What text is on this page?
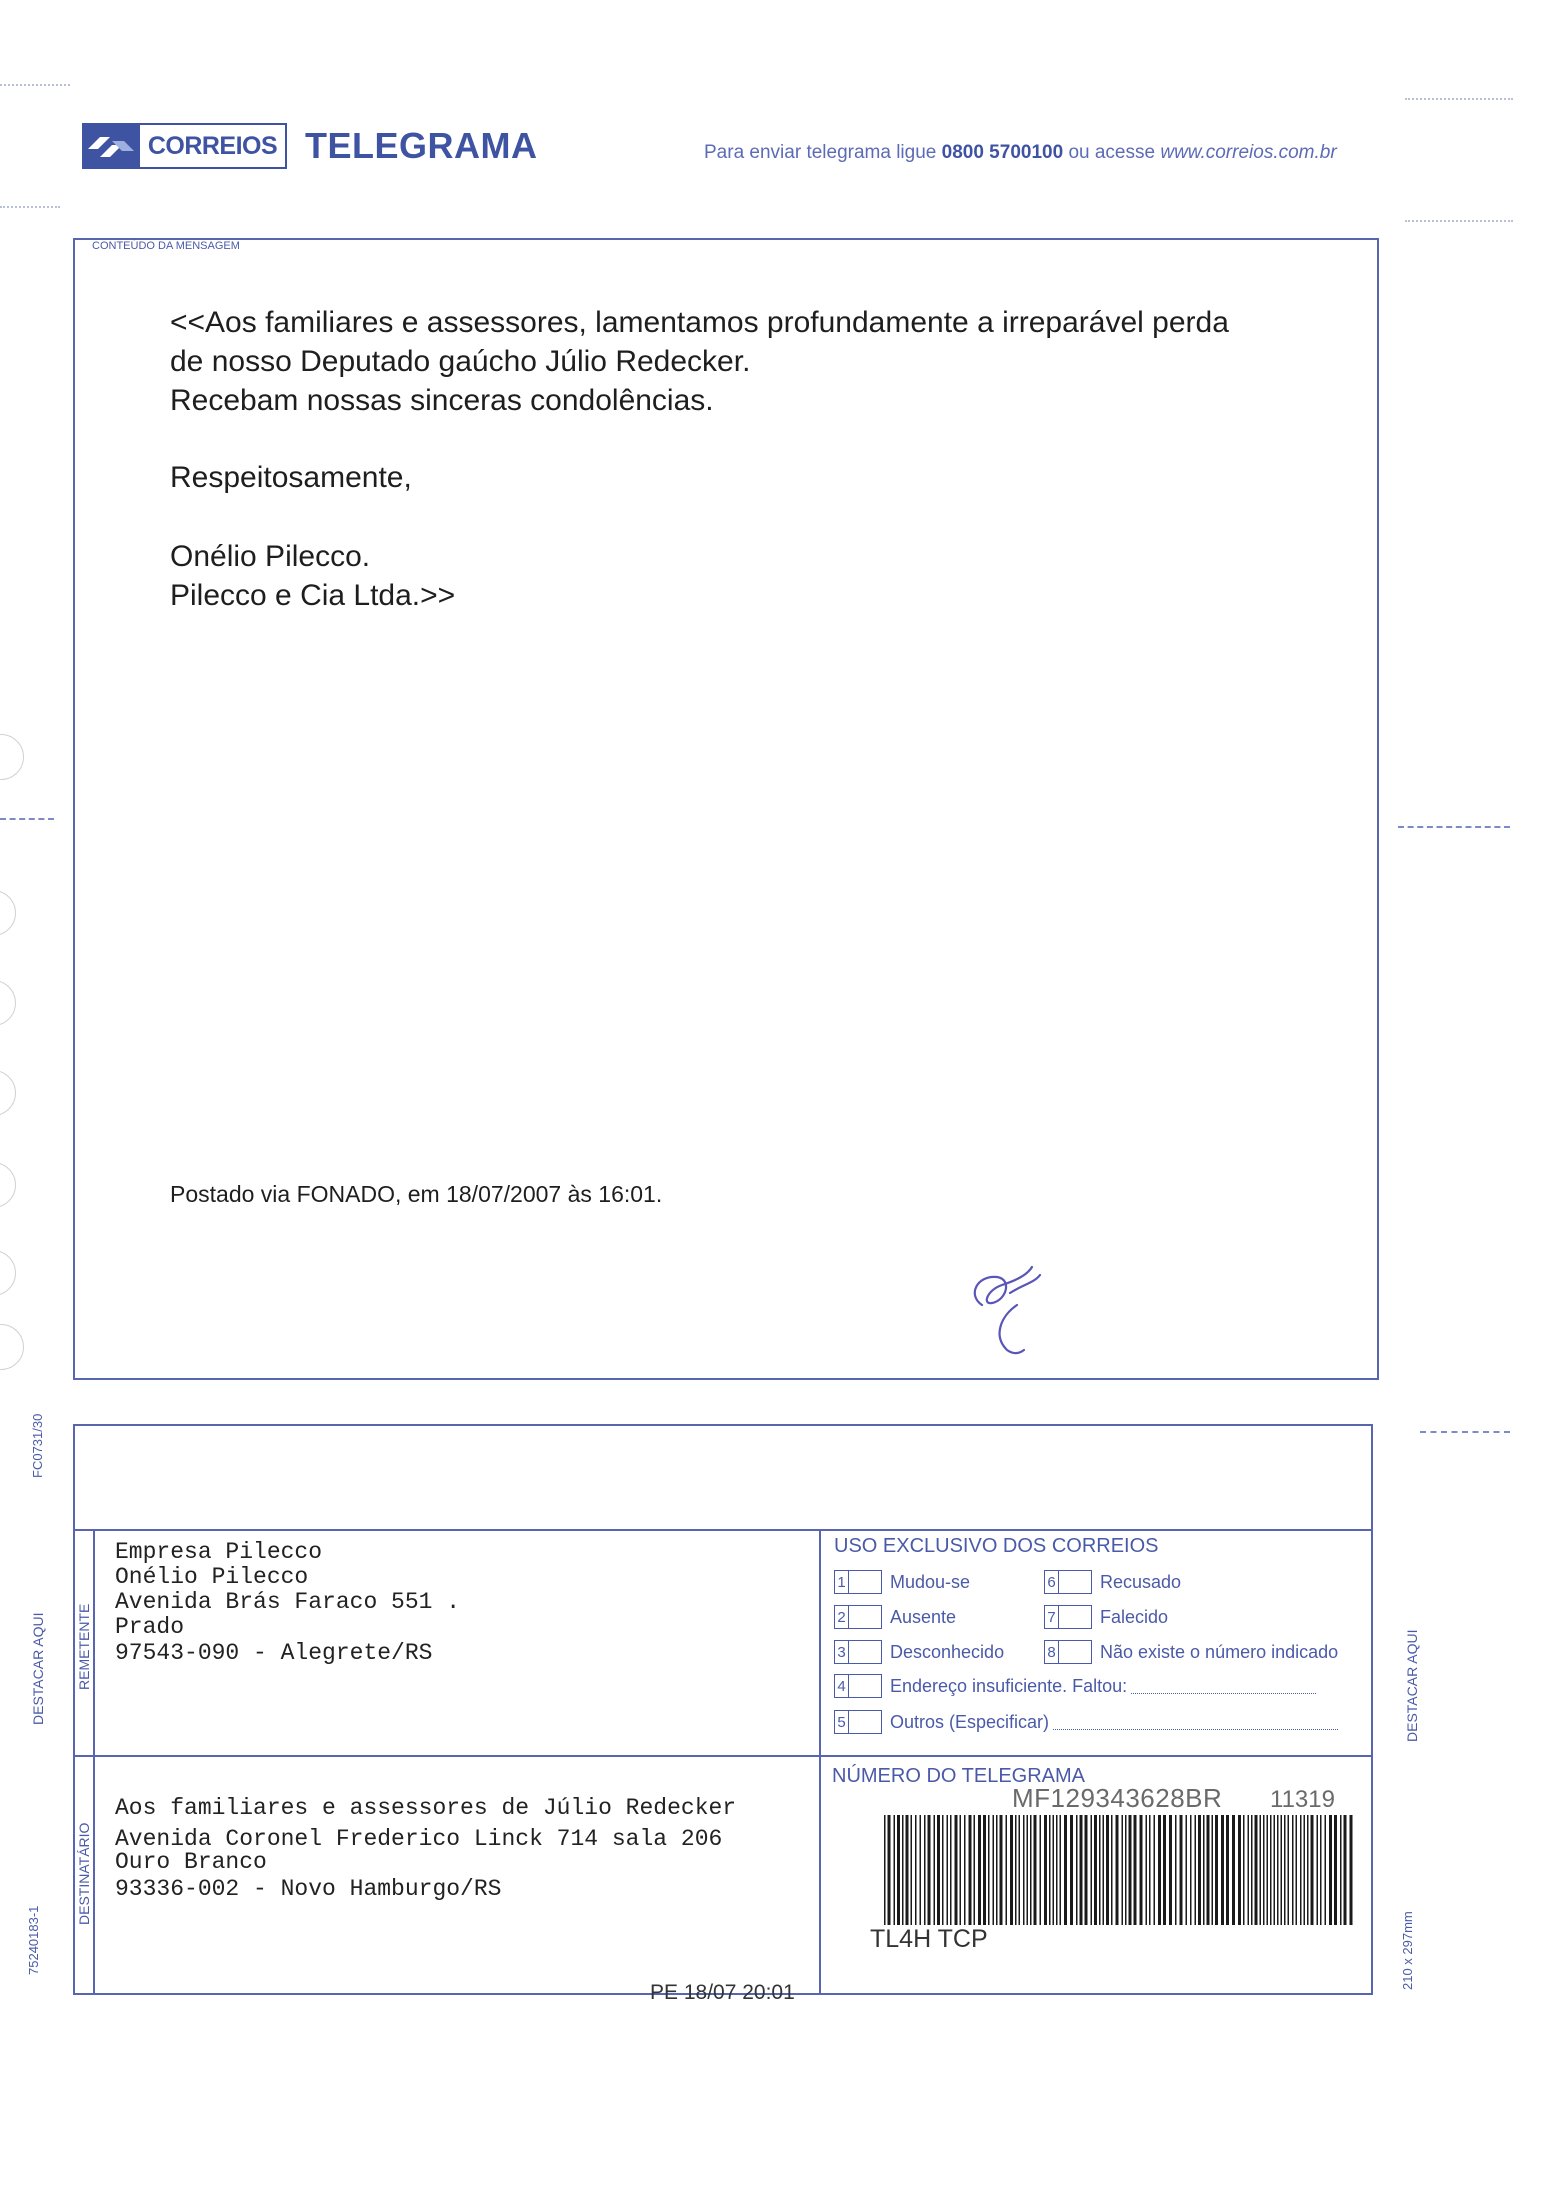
CORREIOS TELEGRAMA	Para enviar telegrama ligue 0800 5700100 ou acesse www.correios.com.br
CONTEÚDO DA MENSAGEM
<<Aos familiares e assessores, lamentamos profundamente a irreparável perda
de nosso Deputado gaúcho Júlio Redecker.
Recebam nossas sinceras condolências.
Respeitosamente,
Onélio Pilecco.
Pilecco e Cia Ltda.>>
Postado via FONADO, em 18/07/2007 às 16:01.
REMETENTE
DESTINATÁRIO
Empresa Pilecco
Onélio Pilecco
Avenida Brás Faraco 551 .
Prado
97543-090 - Alegrete/RS
Aos familiares e assessores de Júlio Redecker
Avenida Coronel Frederico Linck 714 sala 206
Ouro Branco
93336-002 - Novo Hamburgo/RS
USO EXCLUSIVO DOS CORREIOS
1 Mudou-se	6 Recusado
2 Ausente	7 Falecido
3 Desconhecido	8 Não existe o número indicado
4 Endereço insuficiente. Faltou:
5 Outros (Especificar)
NÚMERO DO TELEGRAMA
MF129343628BR 11319
TL4H TCP
PE 18/07 20:01
FC0731/30
DESTACAR AQUI
75240183-1
DESTACAR AQUI
210 x 297mm
